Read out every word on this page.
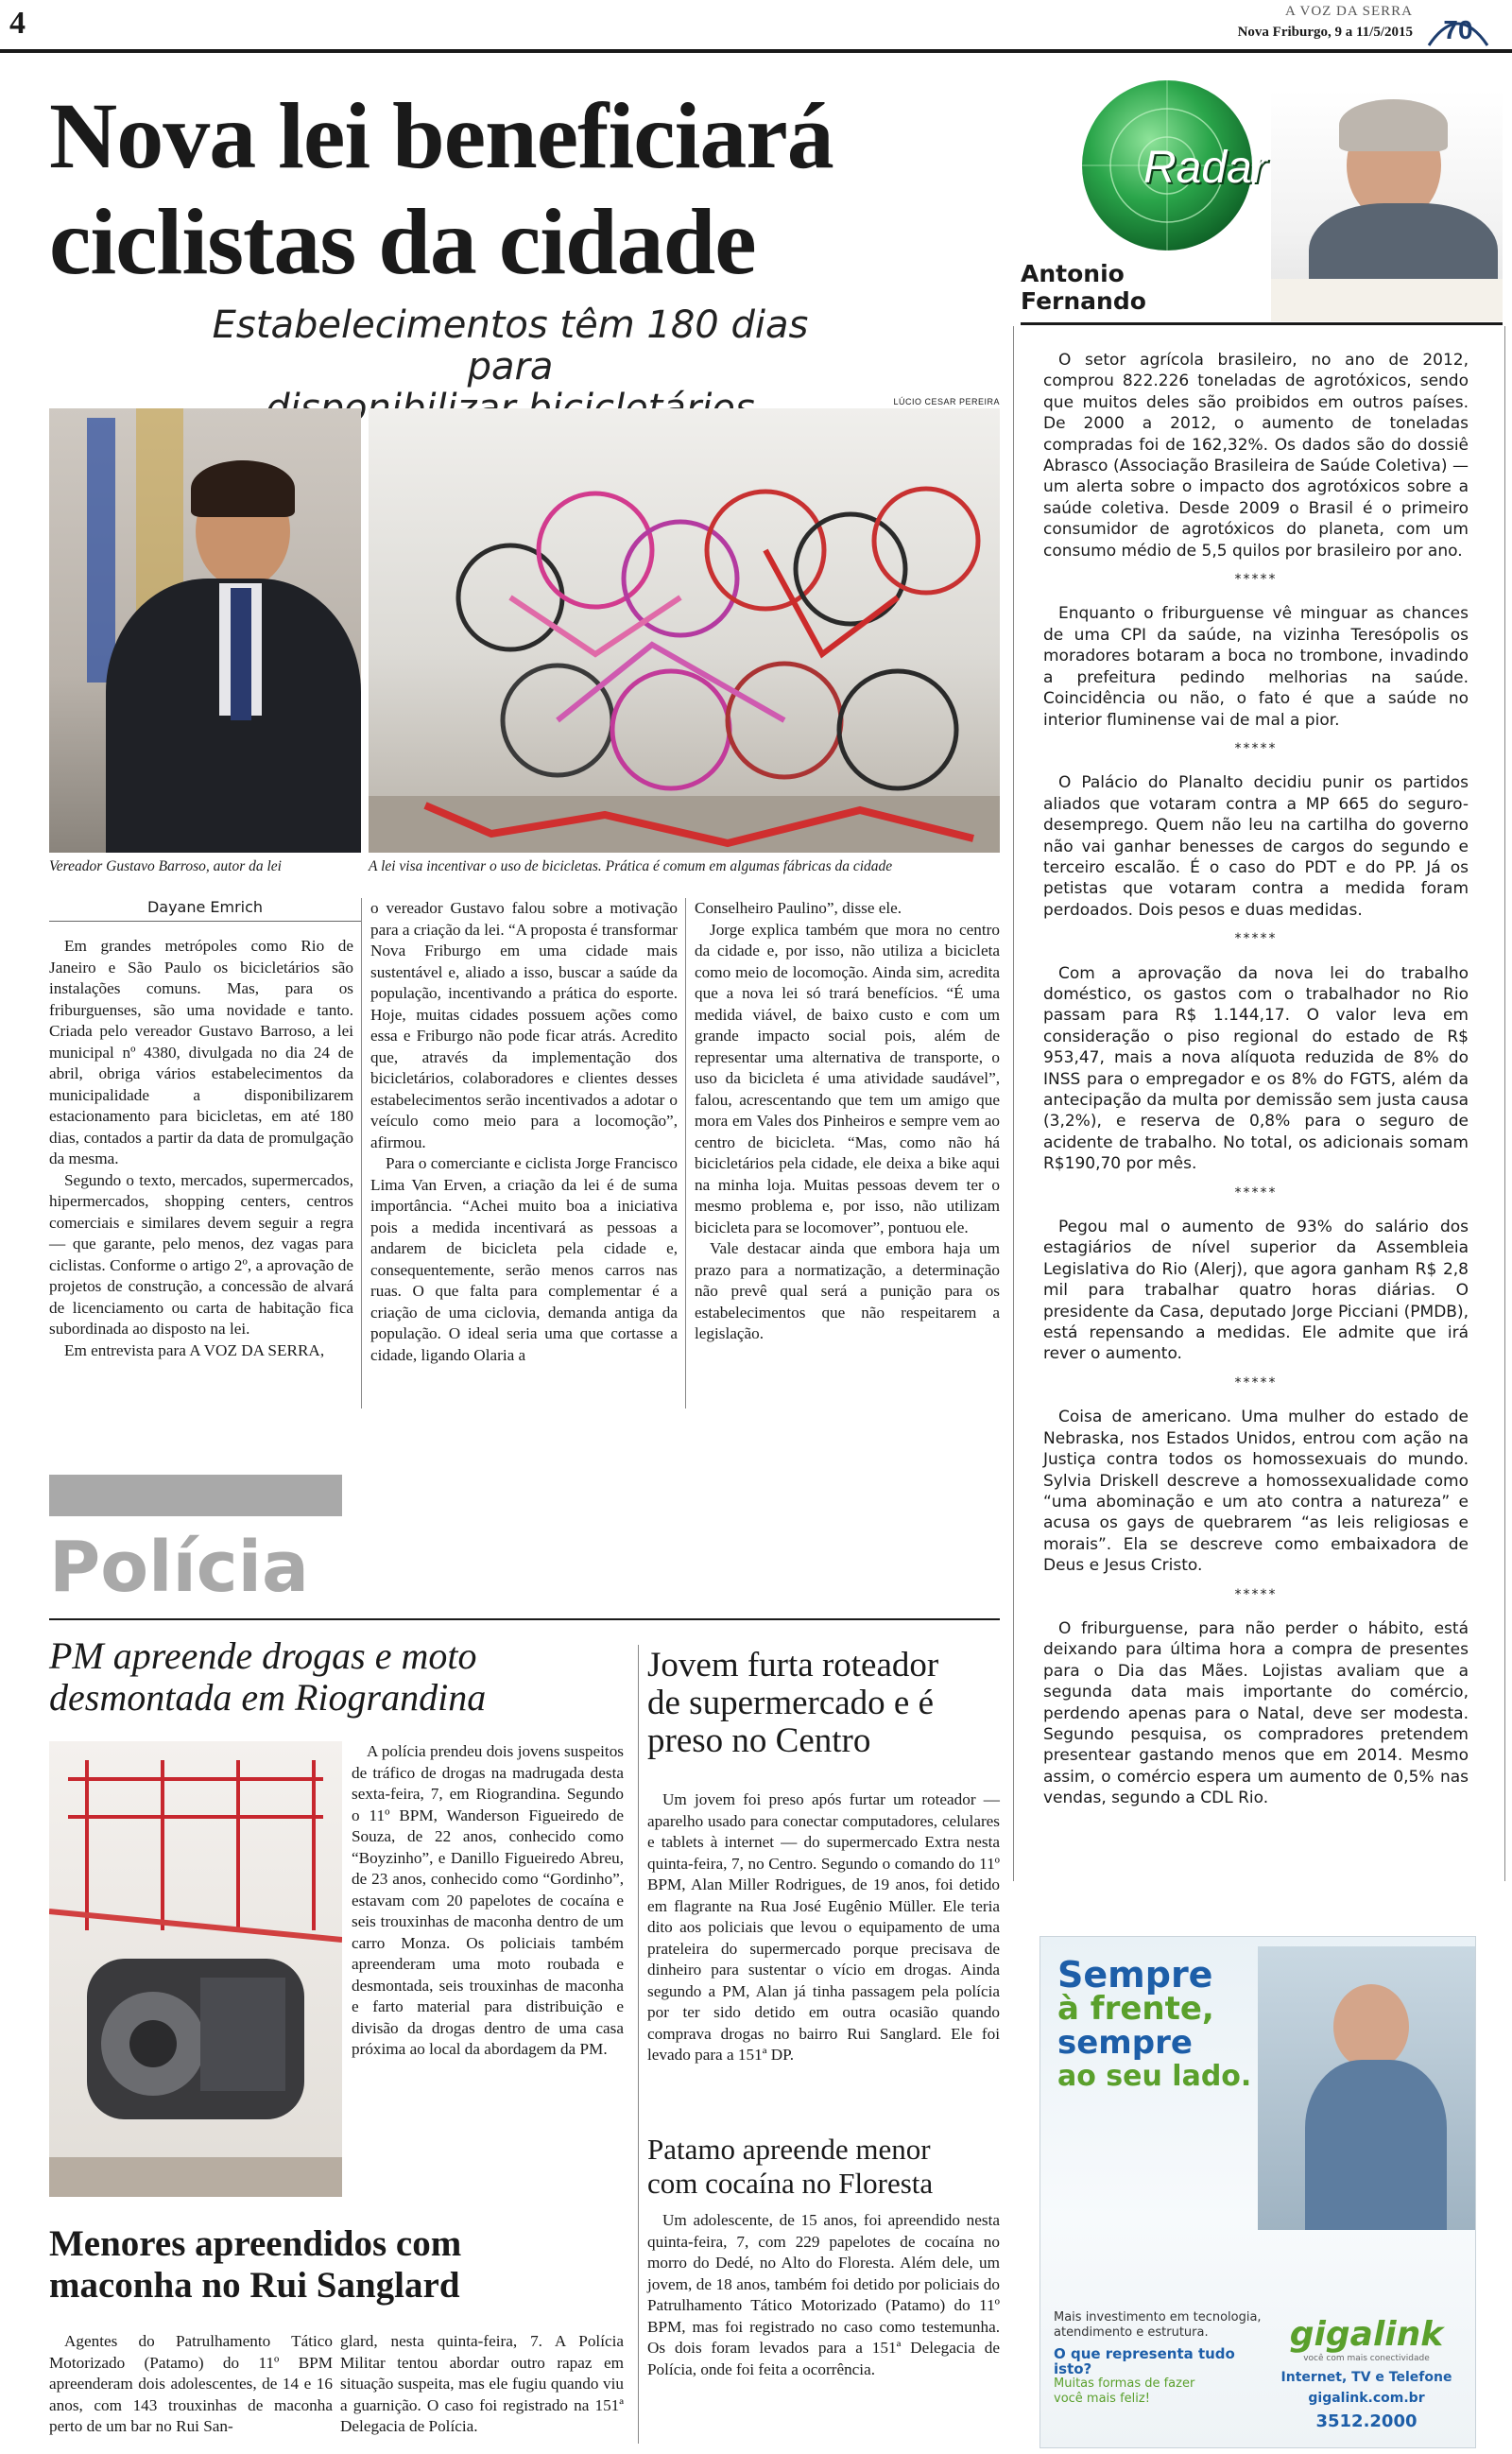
4	A VOZ DA SERRA
Nova Friburgo, 9 a 11/5/2015	70
Nova lei beneficiará
ciclistas da cidade
Estabelecimentos têm 180 dias para
LÚCIO CESAR PEREIRA
Vereador Gustavo Barroso, autor da lei	A lei visa incentivar o uso de bicicletas. Prática é comum em algumas fábricas da cidade
Dayane Emrich

Em grandes metrópoles como Rio de Janeiro e São Paulo os bicicletários são instalações comuns. Mas, para os friburguenses, são uma novidade e tanto. Criada pelo vereador Gustavo Barroso, a lei municipal nº 4380, divulgada no dia 24 de abril, obriga vários estabelecimentos da municipalidade a disponibilizarem estacionamento para bicicletas, em até 180 dias, contados a partir da data de promulgação da mesma.

Segundo o texto, mercados, supermercados, hipermercados, shopping centers, centros comerciais e similares devem seguir a regra — que garante, pelo menos, dez vagas para ciclistas. Conforme o artigo 2º, a aprovação de projetos de construção, a concessão de alvará de licenciamento ou carta de habitação fica subordinada ao disposto na lei.

Em entrevista para A VOZ DA SERRA,

o vereador Gustavo falou sobre a motivação para a criação da lei. “A proposta é transformar Nova Friburgo em uma cidade mais sustentável e, aliado a isso, buscar a saúde da população, incentivando a prática do esporte. Hoje, muitas cidades possuem ações como essa e Friburgo não pode ficar atrás. Acredito que, através da implementação dos bicicletários, colaboradores e clientes desses estabelecimentos serão incentivados a adotar o veículo como meio para a locomoção”, afirmou.

Para o comerciante e ciclista Jorge Francisco Lima Van Erven, a criação da lei é de suma importância. “Achei muito boa a iniciativa pois a medida incentivará as pessoas a andarem de bicicleta pela cidade e, consequentemente, serão menos carros nas ruas. O que falta para complementar é a criação de uma ciclovia, demanda antiga da população. O ideal seria uma que cortasse a cidade, ligando Olaria a

Conselheiro Paulino”, disse ele.

Jorge explica também que mora no centro da cidade e, por isso, não utiliza a bicicleta como meio de locomoção. Ainda sim, acredita que a nova lei só trará benefícios. “É uma medida viável, de baixo custo e com um grande impacto social pois, além de representar uma alternativa de transporte, o uso da bicicleta é uma atividade saudável”, falou, acrescentando que tem um amigo que mora em Vales dos Pinheiros e sempre vem ao centro de bicicleta. “Mas, como não há bicicletários pela cidade, ele deixa a bike aqui na minha loja. Muitas pessoas devem ter o mesmo problema e, por isso, não utilizam bicicleta para se locomover”, pontuou ele.

Vale destacar ainda que embora haja um prazo para a normatização, a determinação não prevê qual será a punição para os estabelecimentos que não respeitarem a legislação.

Radar
Antonio
Fernando

O setor agrícola brasileiro, no ano de 2012, comprou 822.226 toneladas de agrotóxicos, sendo que muitos deles são proibidos em outros países. De 2000 a 2012, o aumento de toneladas compradas foi de 162,32%. Os dados são do dossiê Abrasco (Associação Brasileira de Saúde Coletiva) — um alerta sobre o impacto dos agrotóxicos sobre a saúde coletiva. Desde 2009 o Brasil é o primeiro consumidor de agrotóxicos do planeta, com um consumo médio de 5,5 quilos por brasileiro por ano.

*****

Enquanto o friburguense vê minguar as chances de uma CPI da saúde, na vizinha Teresópolis os moradores botaram a boca no trombone, invadindo a prefeitura pedindo melhorias na saúde. Coincidência ou não, o fato é que a saúde no interior fluminense vai de mal a pior.

*****

O Palácio do Planalto decidiu punir os partidos aliados que votaram contra a MP 665 do seguro-desemprego. Quem não leu na cartilha do governo não vai ganhar benesses de cargos do segundo e terceiro escalão. É o caso do PDT e do PP. Já os petistas que votaram contra a medida foram perdoados. Dois pesos e duas medidas.

*****

Com a aprovação da nova lei do trabalho doméstico, os gastos com o trabalhador no Rio passam para R$ 1.144,17. O valor leva em consideração o piso regional do estado de R$ 953,47, mais a nova alíquota reduzida de 8% do INSS para o empregador e os 8% do FGTS, além da antecipação da multa por demissão sem justa causa (3,2%), e reserva de 0,8% para o seguro de acidente de trabalho. No total, os adicionais somam R$190,70 por mês.

*****

Pegou mal o aumento de 93% do salário dos estagiários de nível superior da Assembleia Legislativa do Rio (Alerj), que agora ganham R$ 2,8 mil para trabalhar quatro horas diárias. O presidente da Casa, deputado Jorge Picciani (PMDB), está repensando a medidas. Ele admite que irá rever o aumento.

*****

Coisa de americano. Uma mulher do estado de Nebraska, nos Estados Unidos, entrou com ação na Justiça contra todos os homossexuais do mundo. Sylvia Driskell descreve a homossexualidade como “uma abominação e um ato contra a natureza” e acusa os gays de quebrarem “as leis religiosas e morais”. Ela se descreve como embaixadora de Deus e Jesus Cristo.

*****

O friburguense, para não perder o hábito, está deixando para última hora a compra de presentes para o Dia das Mães. Lojistas avaliam que a segunda data mais importante do comércio, perdendo apenas para o Natal, deve ser modesta. Segundo pesquisa, os compradores pretendem presentear gastando menos que em 2014. Mesmo assim, o comércio espera um aumento de 0,5% nas vendas, segundo a CDL Rio.

Polícia
PM apreende drogas e moto
desmontada em Riograndina

A polícia prendeu dois jovens suspeitos de tráfico de drogas na madrugada desta sexta-feira, 7, em Riograndina. Segundo o 11º BPM, Wanderson Figueiredo de Souza, de 22 anos, conhecido como “Boyzinho”, e Danillo Figueiredo Abreu, de 23 anos, conhecido como “Gordinho”, estavam com 20 papelotes de cocaína e seis trouxinhas de maconha dentro de um carro Monza. Os policiais também apreenderam uma moto roubada e desmontada, seis trouxinhas de maconha e farto material para distribuição e divisão da drogas dentro de uma casa próxima ao local da abordagem da PM.

Menores apreendidos com
maconha no Rui Sanglard

Agentes do Patrulhamento Tático Motorizado (Patamo) do 11º BPM apreenderam dois adolescentes, de 14 e 16 anos, com 143 trouxinhas de maconha perto de um bar no Rui San-

glard, nesta quinta-feira, 7. A Polícia Militar tentou abordar outro rapaz em situação suspeita, mas ele fugiu quando viu a guarnição. O caso foi registrado na 151ª Delegacia de Polícia.

Jovem furta roteador
de supermercado e é
preso no Centro

Um jovem foi preso após furtar um roteador — aparelho usado para conectar computadores, celulares e tablets à internet — do supermercado Extra nesta quinta-feira, 7, no Centro. Segundo o comando do 11º BPM, Alan Miller Rodrigues, de 19 anos, foi detido em flagrante na Rua José Eugênio Müller. Ele teria dito aos policiais que levou o equipamento de uma prateleira do supermercado porque precisava de dinheiro para sustentar o vício em drogas. Ainda segundo a PM, Alan já tinha passagem pela polícia por ter sido detido em outra ocasião quando comprava drogas no bairro Rui Sanglard. Ele foi levado para a 151ª DP.

Patamo apreende menor
com cocaína no Floresta

Um adolescente, de 15 anos, foi apreendido nesta quinta-feira, 7, com 229 papelotes de cocaína no morro do Dedé, no Alto do Floresta. Além dele, um jovem, de 18 anos, também foi detido por policiais do Patrulhamento Tático Motorizado (Patamo) do 11º BPM, mas foi registrado no caso como testemunha. Os dois foram levados para a 151ª Delegacia de Polícia, onde foi feita a ocorrência.

Sempre
à frente,
sempre
ao seu lado.
gigalink
você com mais conectividade
Mais investimento em tecnologia,
atendimento e estrutura.
O que representa tudo isto?
Muitas formas de fazer
você mais feliz!
Internet, TV e Telefone
gigalink.com.br
3512.2000
